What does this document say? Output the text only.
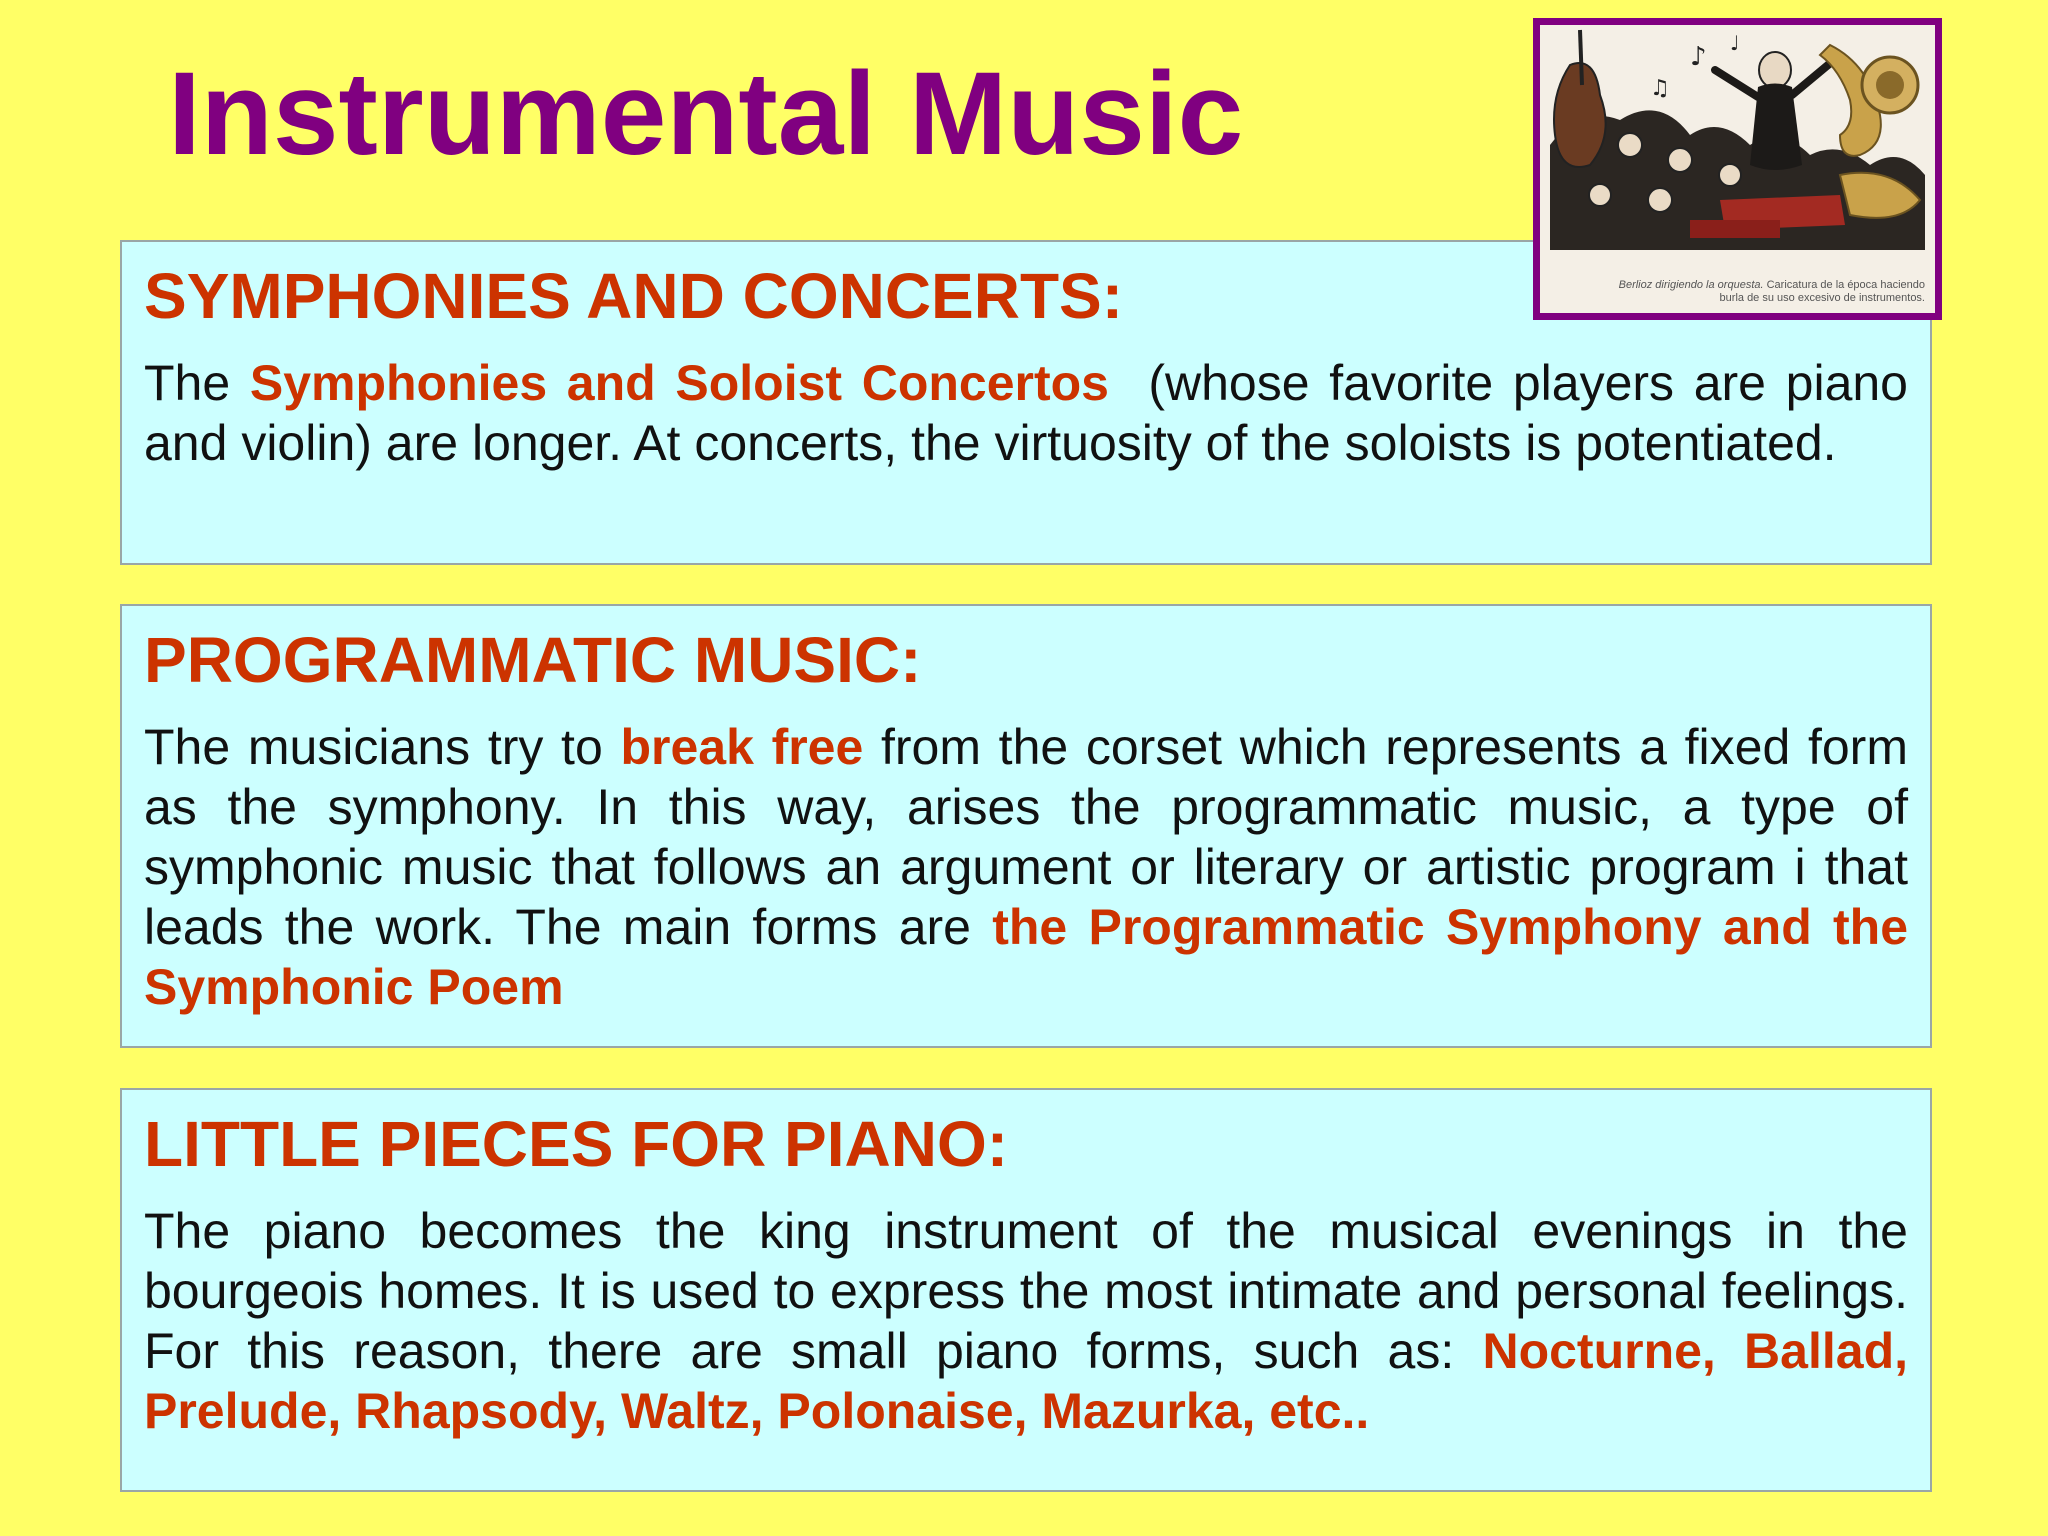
Instrumental Music	♪
♫
♩
Berlioz dirigiendo la orquesta. Caricatura de la época haciendo
burla de su uso excesivo de instrumentos.
SYMPHONIES AND CONCERTS:

The Symphonies and Soloist Concertos  (whose favorite players are piano and violin) are longer. At concerts, the virtuosity of the soloists is potentiated.

PROGRAMMATIC MUSIC:

The musicians try to break free from the corset which represents a fixed form as the symphony. In this way, arises the programmatic music, a type of symphonic music that follows an argument or literary or artistic program i that leads the work. The main forms are the Programmatic Symphony and the Symphonic Poem

LITTLE PIECES FOR PIANO:

The piano becomes the king instrument of the musical evenings in the bourgeois homes. It is used to express the most intimate and personal feelings. For this reason, there are small piano forms, such as: Nocturne, Ballad, Prelude, Rhapsody, Waltz, Polonaise, Mazurka, etc..
